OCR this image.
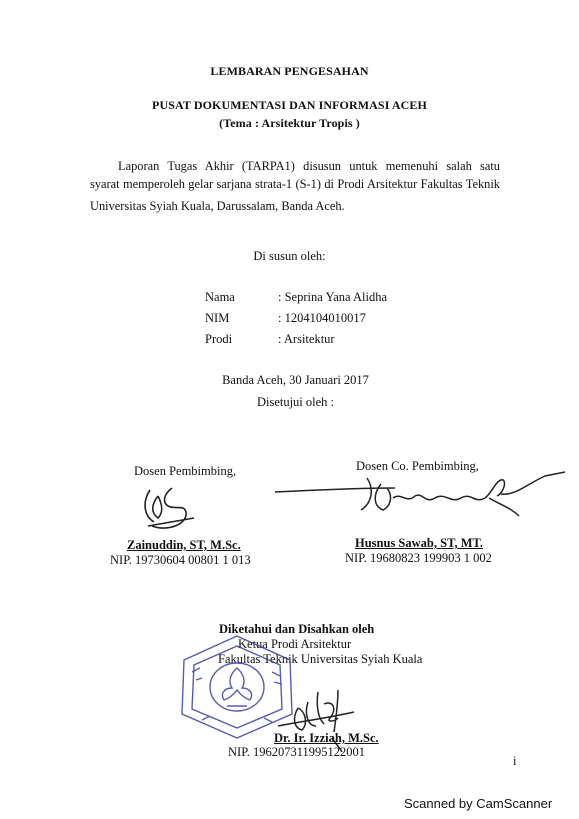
LEMBARAN PENGESAHAN
PUSAT DOKUMENTASI DAN INFORMASI ACEH
(Tema : Arsitektur Tropis )
Laporan Tugas Akhir (TARPA1) disusun untuk memenuhi salah satu
syarat memperoleh gelar sarjana strata-1 (S-1) di Prodi Arsitektur Fakultas Teknik
Universitas Syiah Kuala, Darussalam, Banda Aceh.
Di susun oleh:
Nama	: Seprina Yana Alidha
NIM	: 1204104010017
Prodi	: Arsitektur
Banda Aceh, 30 Januari 2017
Disetujui oleh :
Dosen Pembimbing,	Dosen Co. Pembimbing,
Zainuddin, ST, M.Sc.
NIP. 19730604 00801 1 013
Husnus Sawab, ST, MT.
NIP. 19680823 199903 1 002
Diketahui dan Disahkan oleh
Ketua Prodi Arsitektur
Fakultas Teknik Universitas Syiah Kuala
Dr. Ir. Izziah, M.Sc.
NIP. 196207311995122001
i
Scanned by CamScanner
